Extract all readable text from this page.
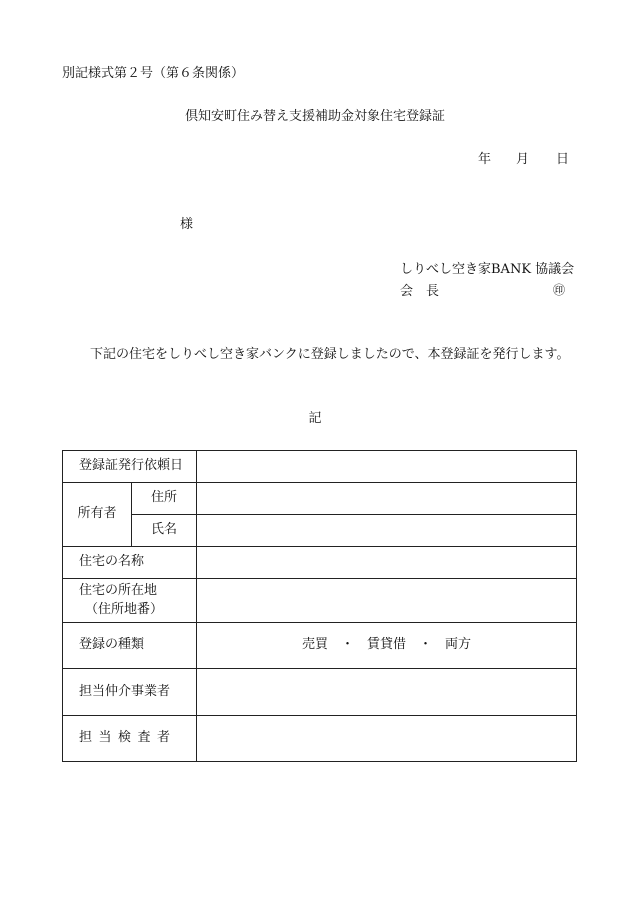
別記様式第２号（第６条関係）
倶知安町住み替え支援補助金対象住宅登録証
年 月 日
様
しりべし空き家BANK 協議会
会　長	㊞
下記の住宅をしりべし空き家バンクに登録しましたので、本登録証を発行します。
記
登録証発行依頼日		
所有者	住所	
	氏名	
住宅の名称		

住宅の所在地
（住所地番）		

登録の種類		売買　・　賃貸借　・　両方
担当仲介事業者		
担当検査者		
